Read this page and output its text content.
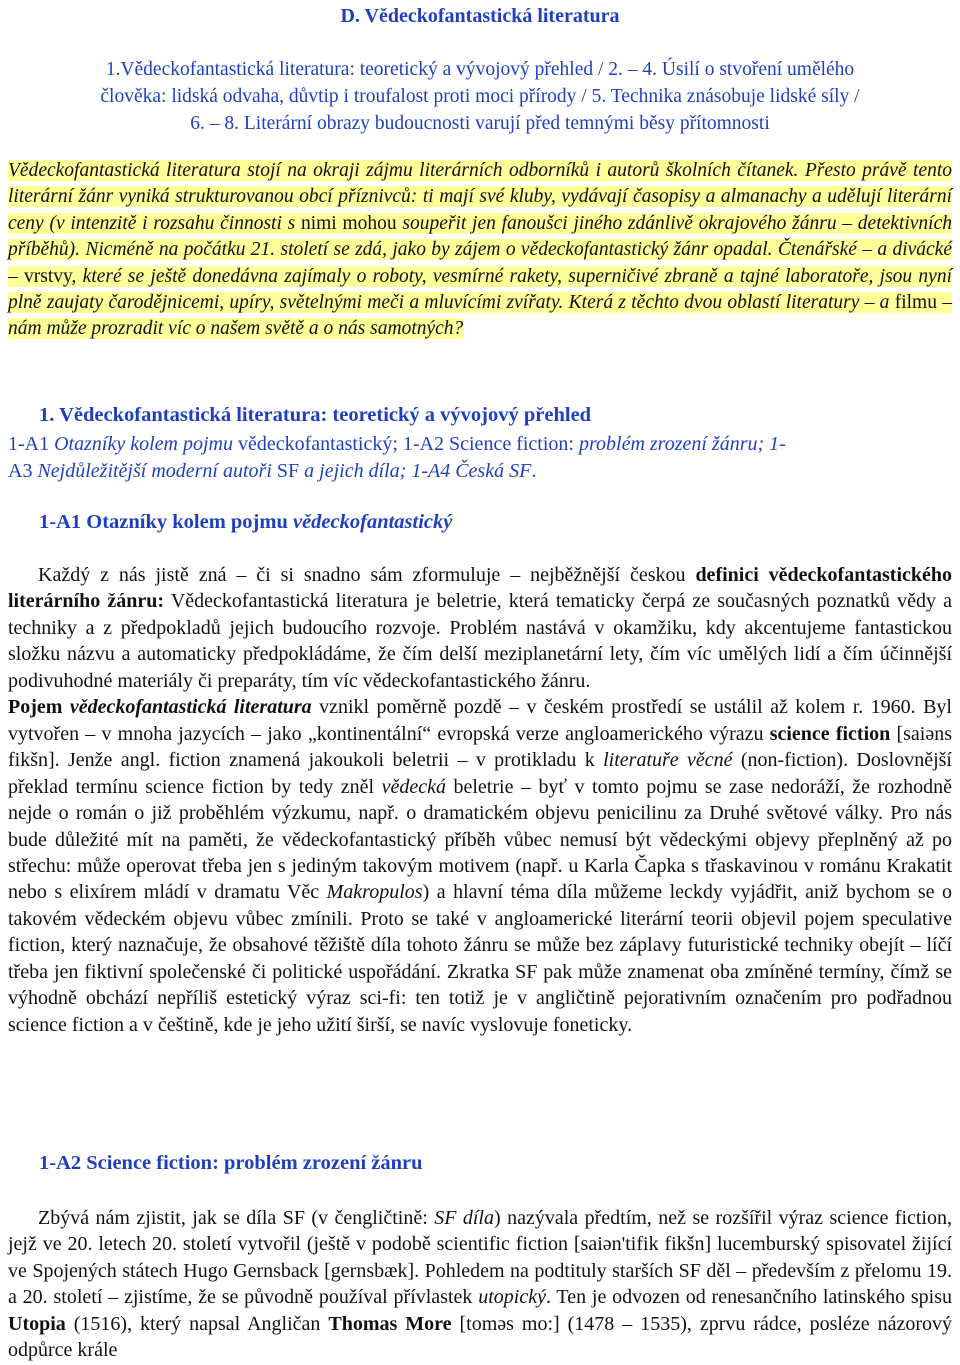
D. Vědeckofantastická literatura
1.Vědeckofantastická literatura: teoretický a vývojový přehled / 2. – 4. Úsilí o stvoření umělého
člověka: lidská odvaha, důvtip i troufalost proti moci přírody / 5. Technika znásobuje lidské síly /
6. – 8. Literární obrazy budoucnosti varují před temnými běsy přítomnosti
Vědeckofantastická literatura stojí na okraji zájmu literárních odborníků i autorů školních čítanek. Přesto právě tento literární žánr vyniká strukturovanou obcí příznivců: ti mají své kluby, vydávají časopisy a almanachy a udělují literární ceny (v intenzitě i rozsahu činnosti s nimi mohou soupeřit jen fanoušci jiného zdánlivě okrajového žánru – detektivních příběhů). Nicméně na počátku 21. století se zdá, jako by zájem o vědeckofantastický žánr opadal. Čtenářské – a divácké – vrstvy, které se ještě donedávna zajímaly o roboty, vesmírné rakety, superničivé zbraně a tajné laboratoře, jsou nyní plně zaujaty čarodějnicemi, upíry, světelnými meči a mluvícími zvířaty. Která z těchto dvou oblastí literatury – a filmu – nám může prozradit víc o našem světě a o nás samotných?
1. Vědeckofantastická literatura: teoretický a vývojový přehled
1-A1 Otazníky kolem pojmu vědeckofantastický; 1-A2 Science fiction: problém zrození žánru; 1-
A3 Nejdůležitější moderní autoři SF a jejich díla; 1-A4 Česká SF.
1-A1 Otazníky kolem pojmu vědeckofantastický
Každý z nás jistě zná – či si snadno sám zformuluje – nejběžnější českou definici vědeckofantastického literárního žánru: Vědeckofantastická literatura je beletrie, která tematicky čerpá ze současných poznatků vědy a techniky a z předpokladů jejich budoucího rozvoje. Problém nastává v okamžiku, kdy akcentujeme fantastickou složku názvu a automaticky předpokládáme, že čím delší meziplanetární lety, čím víc umělých lidí a čím účinnější podivuhodné materiály či preparáty, tím víc vědeckofantastického žánru.
Pojem vědeckofantastická literatura vznikl poměrně pozdě – v českém prostředí se ustálil až kolem r. 1960. Byl vytvořen – v mnoha jazycích – jako „kontinentální“ evropská verze angloamerického výrazu science fiction [saiəns fikšn]. Jenže angl. fiction znamená jakoukoli beletrii – v protikladu k literatuře věcné (non-fiction). Doslovnější překlad termínu science fiction by tedy zněl vědecká beletrie – byť v tomto pojmu se zase nedoráží, že rozhodně nejde o román o již proběhlém výzkumu, např. o dramatickém objevu penicilinu za Druhé světové války. Pro nás bude důležité mít na paměti, že vědeckofantastický příběh vůbec nemusí být vědeckými objevy přeplněný až po střechu: může operovat třeba jen s jediným takovým motivem (např. u Karla Čapka s třaskavinou v románu Krakatit nebo s elixírem mládí v dramatu Věc Makropulos) a hlavní téma díla můžeme leckdy vyjádřit, aniž bychom se o takovém vědeckém objevu vůbec zmínili. Proto se také v angloamerické literární teorii objevil pojem speculative fiction, který naznačuje, že obsahové těžiště díla tohoto žánru se může bez záplavy futuristické techniky obejít – líčí třeba jen fiktivní společenské či politické uspořádání. Zkratka SF pak může znamenat oba zmíněné termíny, čímž se výhodně obchází nepříliš estetický výraz sci-fi: ten totiž je v angličtině pejorativním označením pro podřadnou science fiction a v češtině, kde je jeho užití širší, se navíc vyslovuje foneticky.
1-A2 Science fiction: problém zrození žánru
Zbývá nám zjistit, jak se díla SF (v čengličtině: SF díla) nazývala předtím, než se rozšířil výraz science fiction, jejž ve 20. letech 20. století vytvořil (ještě v podobě scientific fiction [saiən'tifik fikšn] lucemburský spisovatel žijící ve Spojených státech Hugo Gernsback [gernsbæk]. Pohledem na podtituly starších SF děl – především z přelomu 19. a 20. století – zjistíme, že se původně používal přívlastek utopický. Ten je odvozen od renesančního latinského spisu Utopia (1516), který napsal Angličan Thomas More [toməs mo:] (1478 – 1535), zprvu rádce, posléze názorový odpůrce krále
